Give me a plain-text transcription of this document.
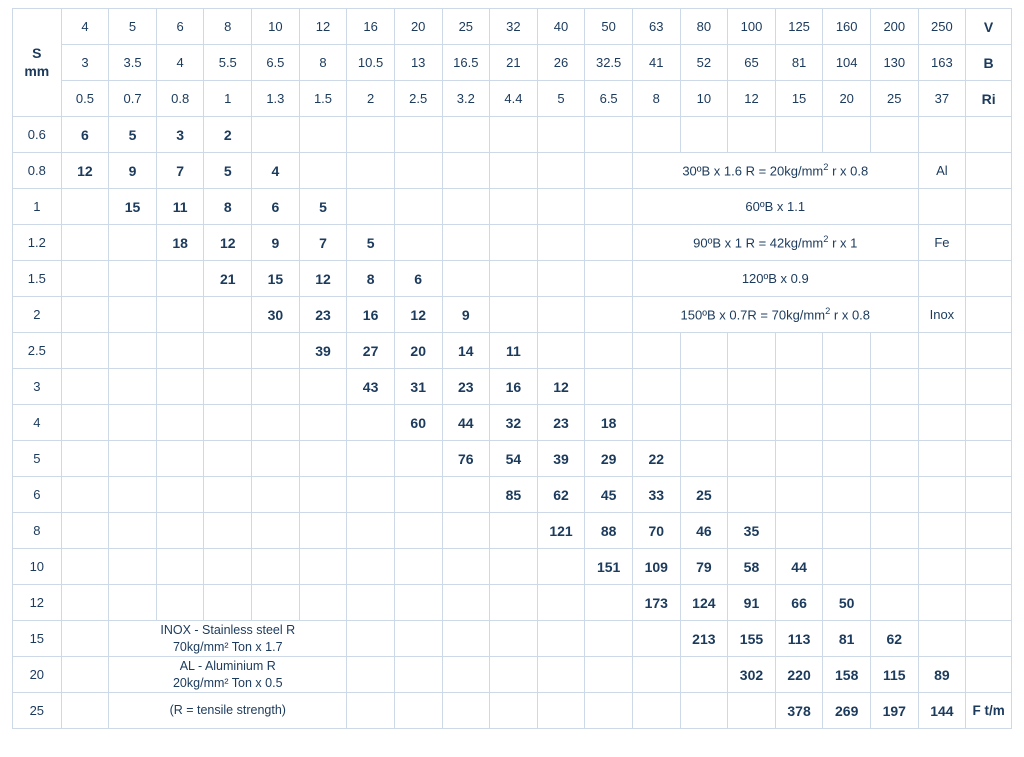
S
mm	4	5	6	8	10	12	16	20	25	32	40	50	63	80	100	125	160	200	250	V
	3	3.5	4	5.5	6.5	8	10.5	13	16.5	21	26	32.5	41	52	65	81	104	130	163	B
	0.5	0.7	0.8	1	1.3	1.5	2	2.5	3.2	4.4	5	6.5	8	10	12	15	20	25	37	Ri
0.6	6	5	3	2																
0.8	12	9	7	5	4								30ºB x 1.6 $R = 20kg/mm^2$ r x 0.8						Al	
1		15	11	8	6	5							60ºB x 1.1							
1.2			18	12	9	7	5						90ºB x 1 $R = 42kg/mm^2$ r x 1						Fe	
1.5				21	15	12	8	6					120ºB x 0.9							
2					30	23	16	12	9				150ºB x $0.7R = 70kg/mm^2$ r x 0.8						Inox	
2.5						39	27	20	14	11										
3							43	31	23	16	12									
4								60	44	32	23	18								
5									76	54	39	29	22							
6										85	62	45	33	25						
8											121	88	70	46	35					
10												151	109	79	58	44				
12													173	124	91	66	50			
15		INOX - Stainless steel R
70kg/mm² Ton x 1.7												213	155	113	81	62		
20		AL - Aluminium R
20kg/mm² Ton x 0.5													302	220	158	115	89	
25		(R = tensile strength)														378	269	197	144	F t/m
